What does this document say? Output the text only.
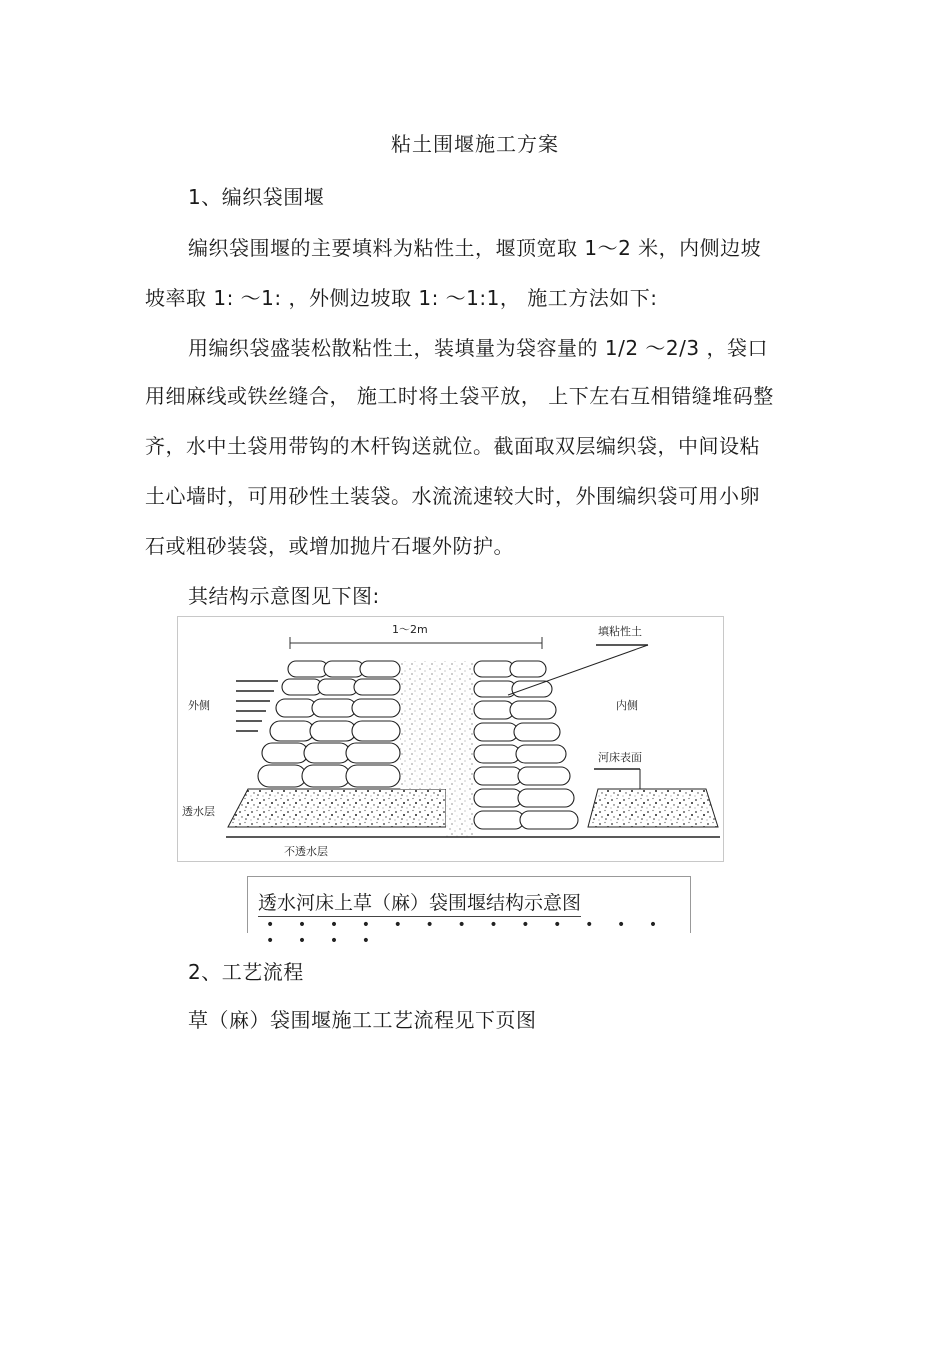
粘土围堰施工方案
1、编织袋围堰
编织袋围堰的主要填料为粘性土，堰顶宽取 1～2 米，内侧边坡
坡率取 1: ～1: ，外侧边坡取 1: ～1:1， 施工方法如下:
用编织袋盛装松散粘性土，装填量为袋容量的 1/2 ～2/3 ，袋口
用细麻线或铁丝缝合， 施工时将土袋平放， 上下左右互相错缝堆码整
齐，水中土袋用带钩的木杆钩送就位。截面取双层编织袋，中间设粘
土心墙时，可用砂性土装袋。水流流速较大时，外围编织袋可用小卵
石或粗砂装袋，或增加抛片石堰外防护。
其结构示意图见下图:
1～2m	填粘性土
外侧	内侧
河床表面
透水层
不透水层
透水河床上草（麻）袋围堰结构示意图
• • • • • • • • • • • • • • • • •
2、工艺流程
草（麻）袋围堰施工工艺流程见下页图
